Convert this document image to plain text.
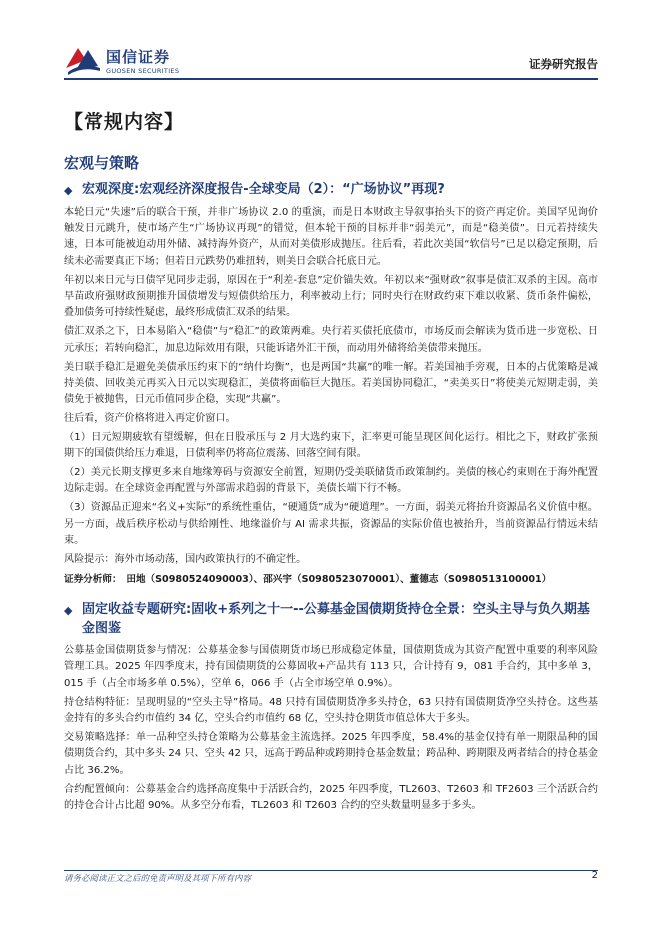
国信证券
GUOSEN SECURITIES	证券研究报告
【常规内容】
宏观与策略
◆ 宏观深度:宏观经济深度报告-全球变局（2）：“广场协议”再现?

本轮日元“失速”后的联合干预，并非广场协议 2.0 的重演，而是日本财政主导叙事抬头下的资产再定价。美国罕见询价触发日元跳升，使市场产生“广场协议再现”的错觉，但本轮干预的目标并非“弱美元”，而是“稳美债”。日元若持续失速，日本可能被迫动用外储、减持海外资产，从而对美债形成抛压。往后看，若此次美国“软信号”已足以稳定预期，后续未必需要真正下场；但若日元跌势仍难扭转，则美日会联合托底日元。

年初以来日元与日债罕见同步走弱，原因在于“利差-套息”定价锚失效。年初以来“强财政”叙事是债汇双杀的主因。高市早苗政府强财政预期推升国债增发与短债供给压力，利率被动上行；同时央行在财政约束下难以收紧、货币条件偏松，叠加债务可持续性疑虑，最终形成债汇双杀的结果。

债汇双杀之下，日本易陷入“稳债”与“稳汇”的政策两难。央行若买债托底债市，市场反而会解读为货币进一步宽松、日元承压；若转向稳汇，加息边际效用有限，只能诉诸外汇干预，而动用外储将给美债带来抛压。

美日联手稳汇是避免美债承压约束下的“纳什均衡”，也是两国“共赢”的唯一解。若美国袖手旁观，日本的占优策略是减持美债、回收美元再买入日元以实现稳汇，美债将面临巨大抛压。若美国协同稳汇，“卖美买日”将使美元短期走弱，美债免于被抛售，日元币值同步企稳，实现“共赢”。

往后看，资产价格将进入再定价窗口。

（1）日元短期疲软有望缓解，但在日股承压与 2 月大选约束下，汇率更可能呈现区间化运行。相比之下，财政扩张预期下的国债供给压力难退，日债利率仍将高位震荡、回落空间有限。

（2）美元长期支撑更多来自地缘筹码与资源安全前置，短期仍受美联储货币政策制约。美债的核心约束则在于海外配置边际走弱。在全球资金再配置与外部需求趋弱的背景下，美债长端下行不畅。

（3）资源品正迎来“名义+实际”的系统性重估，“硬通货”成为“硬道理”。一方面，弱美元将抬升资源品名义价值中枢。另一方面，战后秩序松动与供给刚性、地缘溢价与 AI 需求共振，资源品的实际价值也被抬升，当前资源品行情远未结束。

风险提示：海外市场动荡，国内政策执行的不确定性。

证券分析师：　田地（S0980524090003）、邵兴宇（S0980523070001）、董德志（S0980513100001）
◆ 固定收益专题研究:固收+系列之十一--公募基金国债期货持仓全景：空头主导与负久期基金图鉴

公募基金国债期货参与情况：公募基金参与国债期货市场已形成稳定体量，国债期货成为其资产配置中重要的利率风险管理工具。2025 年四季度末，持有国债期货的公募固收+产品共有 113 只，合计持有 9，081 手合约，其中多单 3，015 手（占全市场多单 0.5%），空单 6，066 手（占全市场空单 0.9%）。

持仓结构特征：呈现明显的“空头主导”格局。48 只持有国债期货净多头持仓，63 只持有国债期货净空头持仓。这些基金持有的多头合约市值约 34 亿，空头合约市值约 68 亿，空头持仓期货市值总体大于多头。

交易策略选择：单一品种空头持仓策略为公募基金主流选择。2025 年四季度，58.4%的基金仅持有单一期限品种的国债期货合约，其中多头 24 只、空头 42 只，远高于跨品种或跨期持仓基金数量；跨品种、跨期限及两者结合的持仓基金占比 36.2%。

合约配置倾向：公募基金合约选择高度集中于活跃合约，2025 年四季度，TL2603、T2603 和 TF2603 三个活跃合约的持仓合计占比超 90%。从多空分布看，TL2603 和 T2603 合约的空头数量明显多于多头。

请务必阅读正文之后的免责声明及其项下所有内容	2
